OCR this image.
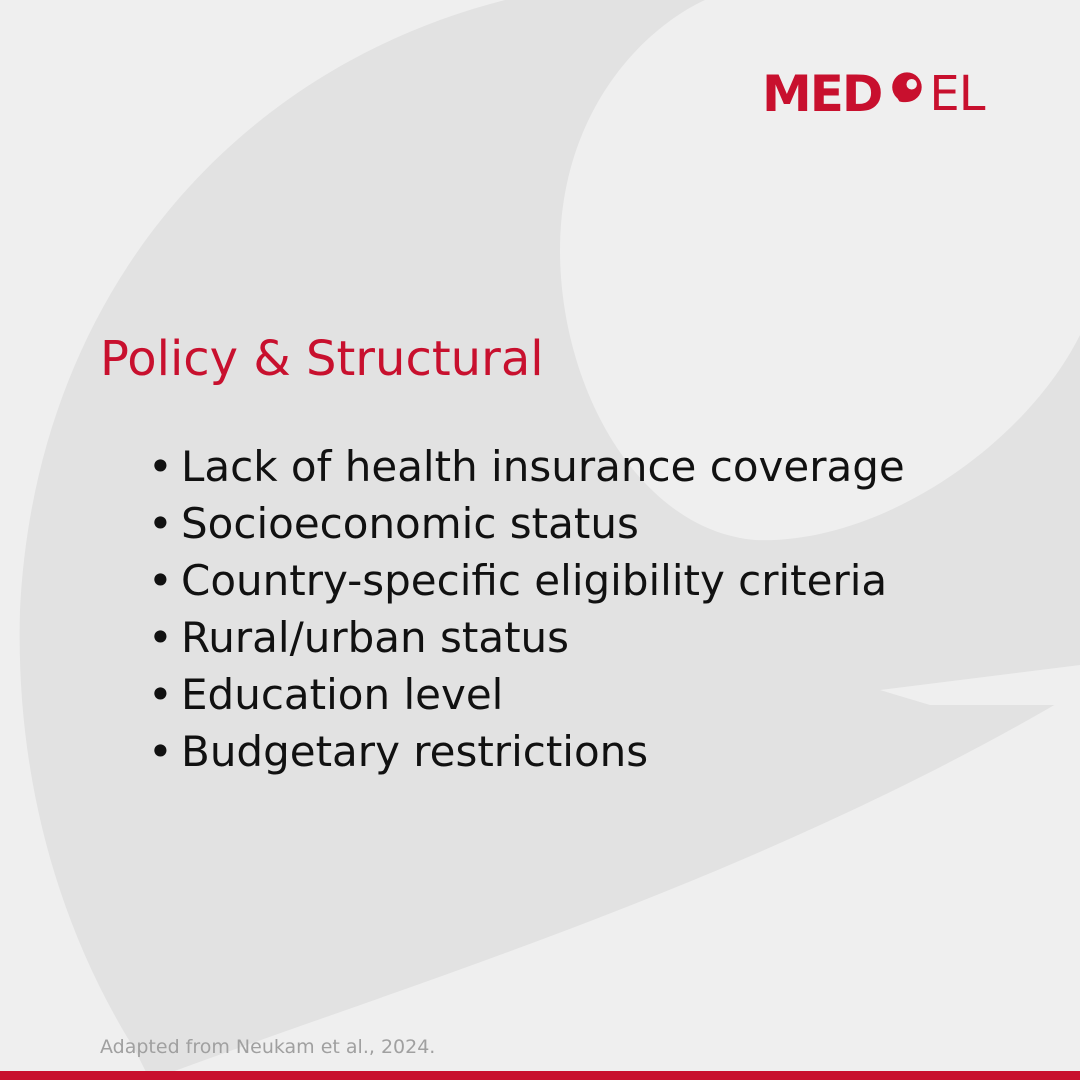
MED EL
Policy & Structural
• Lack of health insurance coverage
• Socioeconomic status
• Country-specific eligibility criteria
• Rural/urban status
• Education level
• Budgetary restrictions

Adapted from Neukam et al., 2024.
